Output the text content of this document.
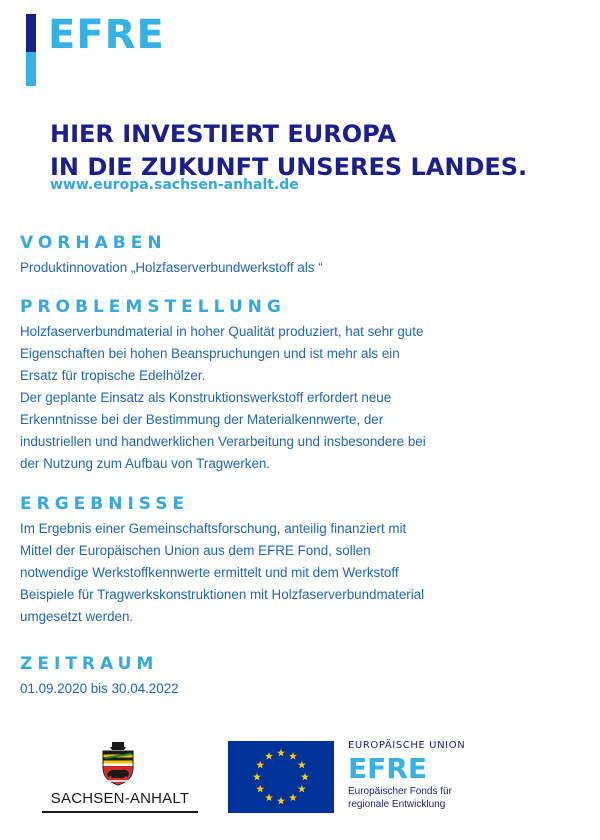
EFRE
HIER INVESTIERT EUROPA
IN DIE ZUKUNFT UNSERES LANDES.
www.europa.sachsen-anhalt.de
VORHABEN

Produktinnovation „Holzfaserverbundwerkstoff als “

PROBLEMSTELLUNG

Holzfaserverbundmaterial in hoher Qualität produziert, hat sehr gute

Eigenschaften bei hohen Beanspruchungen und ist mehr als ein

Ersatz für tropische Edelhölzer.

Der geplante Einsatz als Konstruktionswerkstoff erfordert neue

Erkenntnisse bei der Bestimmung der Materialkennwerte, der

industriellen und handwerklichen Verarbeitung und insbesondere bei

der Nutzung zum Aufbau von Tragwerken.

ERGEBNISSE

Im Ergebnis einer Gemeinschaftsforschung, anteilig finanziert mit

Mittel der Europäischen Union aus dem EFRE Fond, sollen

notwendige Werkstoffkennwerte ermittelt und mit dem Werkstoff

Beispiele für Tragwerkskonstruktionen mit Holzfaserverbundmaterial

umgesetzt werden.

ZEITRAUM

01.09.2020 bis 30.04.2022

SACHSEN-ANHALT
EUROPÄISCHE UNION
EFRE
Europäischer Fonds für
regionale Entwicklung
